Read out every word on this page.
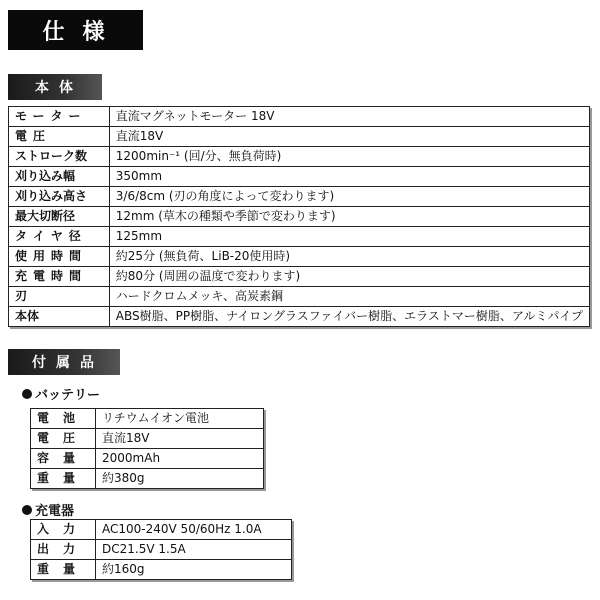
仕様
本体
モーター	直流マグネットモーター 18V
電圧	直流18V
ストローク数	1200min⁻¹ (回/分、無負荷時)
刈り込み幅	350mm
刈り込み高さ	3/6/8cm (刃の角度によって変わります)
最大切断径	12mm (草木の種類や季節で変わります)
タイヤ径	125mm
使用時間	約25分 (無負荷、LiB-20使用時)
充電時間	約80分 (周囲の温度で変わります)
刃	ハードクロムメッキ、高炭素鋼
本体	ABS樹脂、PP樹脂、ナイロングラスファイバー樹脂、エラストマー樹脂、アルミパイプ
付属品
バッテリー
電池	リチウムイオン電池
電圧	直流18V
容量	2000mAh
重量	約380g
充電器
入力	AC100-240V 50/60Hz 1.0A
出力	DC21.5V 1.5A
重量	約160g
